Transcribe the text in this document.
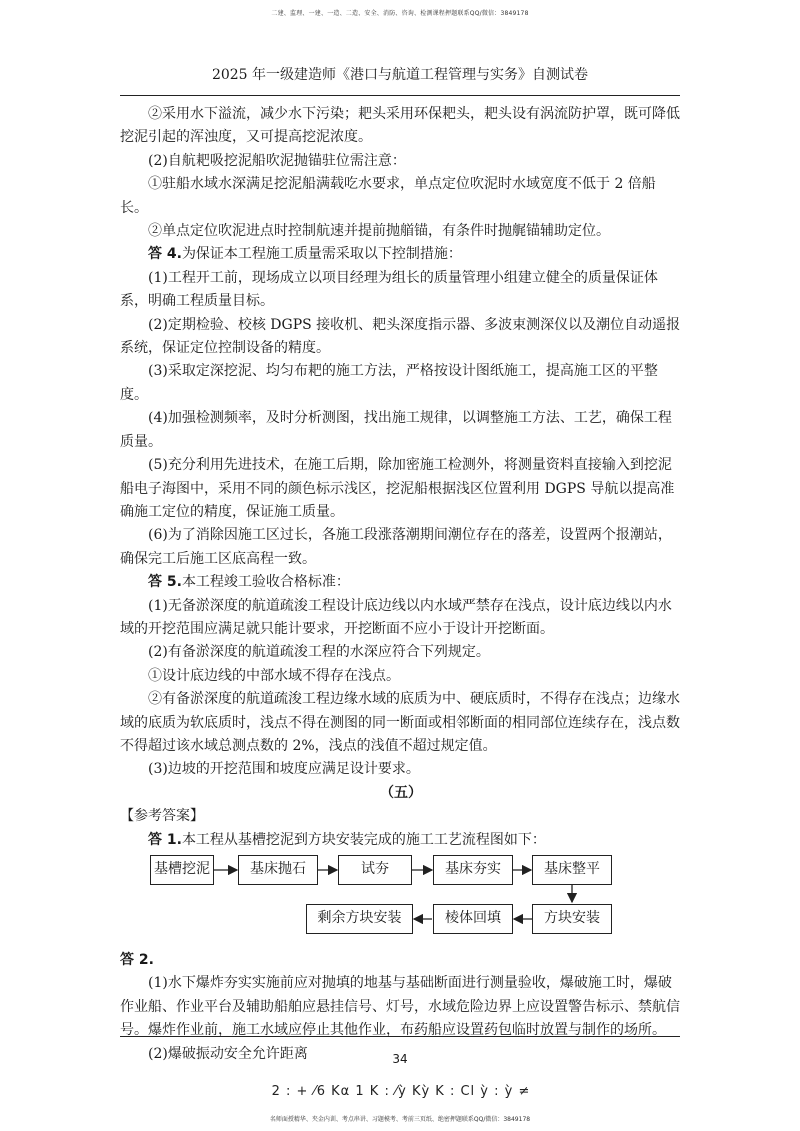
二建、监理、一建、一造、二造、安全、消防、咨询、检测课程押题联系QQ/微信：3849178
2025 年一级建造师《港口与航道工程管理与实务》自测试卷

②采用水下溢流，减少水下污染；耙头采用环保耙头，耙头设有涡流防护罩，既可降低挖泥引起的浑浊度，又可提高挖泥浓度。

(2)自航耙吸挖泥船吹泥抛锚驻位需注意：

①驻船水域水深满足挖泥船满载吃水要求，单点定位吹泥时水域宽度不低于 2 倍船长。

②单点定位吹泥进点时控制航速并提前抛艏锚，有条件时抛艉锚辅助定位。

答 4.为保证本工程施工质量需采取以下控制措施：

(1)工程开工前，现场成立以项目经理为组长的质量管理小组建立健全的质量保证体系，明确工程质量目标。

(2)定期检验、校核 DGPS 接收机、耙头深度指示器、多波束测深仪以及潮位自动遥报系统，保证定位控制设备的精度。

(3)采取定深挖泥、均匀布耙的施工方法，严格按设计图纸施工，提高施工区的平整度。

(4)加强检测频率，及时分析测图，找出施工规律，以调整施工方法、工艺，确保工程质量。

(5)充分利用先进技术，在施工后期，除加密施工检测外，将测量资料直接输入到挖泥船电子海图中，采用不同的颜色标示浅区，挖泥船根据浅区位置利用 DGPS 导航以提高准确施工定位的精度，保证施工质量。

(6)为了消除因施工区过长，各施工段涨落潮期间潮位存在的落差，设置两个报潮站，确保完工后施工区底高程一致。

答 5.本工程竣工验收合格标准：

(1)无备淤深度的航道疏浚工程设计底边线以内水域严禁存在浅点，设计底边线以内水域的开挖范围应满足就只能计要求，开挖断面不应小于设计开挖断面。

(2)有备淤深度的航道疏浚工程的水深应符合下列规定。

①设计底边线的中部水域不得存在浅点。

②有备淤深度的航道疏浚工程边缘水域的底质为中、硬底质时，不得存在浅点；边缘水域的底质为软底质时，浅点不得在测图的同一断面或相邻断面的相同部位连续存在，浅点数不得超过该水域总测点数的 2%，浅点的浅值不超过规定值。

(3)边坡的开挖范围和坡度应满足设计要求。

（五）

【参考答案】

答 1.本工程从基槽挖泥到方块安装完成的施工工艺流程图如下：

基槽挖泥	基床抛石	试夯	基床夯实	基床整平
方块安装
棱体回填
剩余方块安装

答 2.

(1)水下爆炸夯实实施前应对抛填的地基与基础断面进行测量验收，爆破施工时，爆破作业船、作业平台及辅助船舶应悬挂信号、灯号，水域危险边界上应设置警告标示、禁航信号。爆炸作业前，施工水域应停止其他作业，布药船应设置药包临时放置与制作的场所。

(2)爆破振动安全允许距离

2 : + ⁄6 Kα 1 K : ⁄ỳ Kỳ K : Cl ỳ : ỳ ≠
34
名师面授精华、夹金内训、考点串讲、习题模考、考前三页纸、绝密押题联系QQ/微信：3849178
